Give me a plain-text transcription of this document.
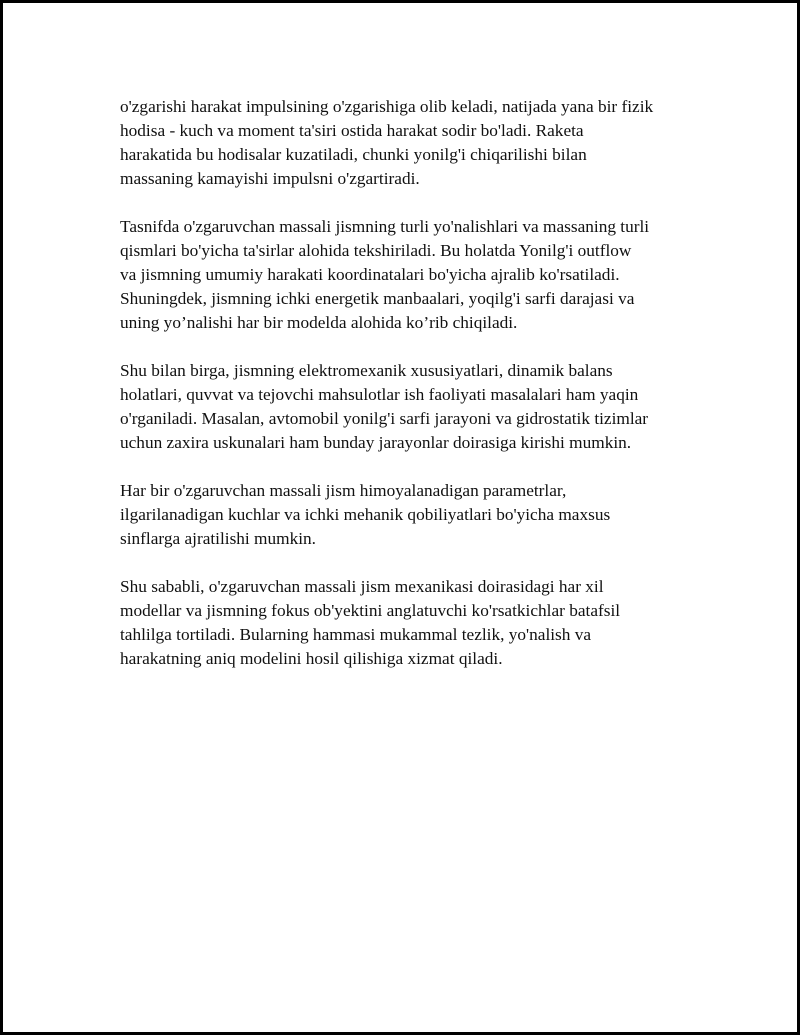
o'zgarishi harakat impulsining o'zgarishiga olib keladi, natijada yana bir fizik
hodisa - kuch va moment ta'siri ostida harakat sodir bo'ladi. Raketa
harakatida bu hodisalar kuzatiladi, chunki yonilg'i chiqarilishi bilan
massaning kamayishi impulsni o'zgartiradi.

Tasnifda o'zgaruvchan massali jismning turli yo'nalishlari va massaning turli
qismlari bo'yicha ta'sirlar alohida tekshiriladi. Bu holatda Yonilg'i outflow
va jismning umumiy harakati koordinatalari bo'yicha ajralib ko'rsatiladi.
Shuningdek, jismning ichki energetik manbaalari, yoqilg'i sarfi darajasi va
uning yo’nalishi har bir modelda alohida ko’rib chiqiladi.

Shu bilan birga, jismning elektromexanik xususiyatlari, dinamik balans
holatlari, quvvat va tejovchi mahsulotlar ish faoliyati masalalari ham yaqin
o'rganiladi. Masalan, avtomobil yonilg'i sarfi jarayoni va gidrostatik tizimlar
uchun zaxira uskunalari ham bunday jarayonlar doirasiga kirishi mumkin.

Har bir o'zgaruvchan massali jism himoyalanadigan parametrlar,
ilgarilanadigan kuchlar va ichki mehanik qobiliyatlari bo'yicha maxsus
sinflarga ajratilishi mumkin.

Shu sababli, o'zgaruvchan massali jism mexanikasi doirasidagi har xil
modellar va jismning fokus ob'yektini anglatuvchi ko'rsatkichlar batafsil
tahlilga tortiladi. Bularning hammasi mukammal tezlik, yo'nalish va
harakatning aniq modelini hosil qilishiga xizmat qiladi.
